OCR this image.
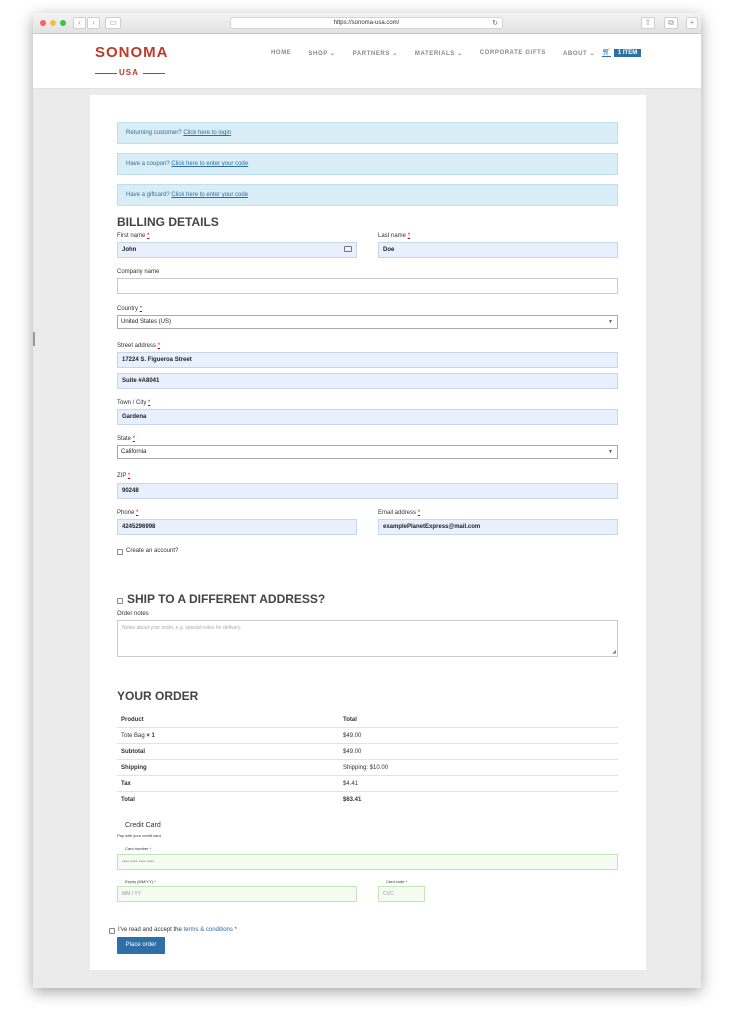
‹	›	▭	https://sonoma-usa.com/	↻	⇧	⧉	+
SONOMA
USA
HOME	SHOP ⌄	PARTNERS ⌄	MATERIALS ⌄	CORPORATE GIFTS	ABOUT ⌄ 🛒︎	1 ITEM
Returning customer? Click here to login
Have a coupon? Click here to enter your code
Have a giftcard? Click here to enter your code
BILLING DETAILS
First name *
John
Last name *
Doe
Company name
Country *
United States (US)	▼
Street address *
17224 S. Figueroa Street
Suite #A8041
Town / City *
Gardena
State *
California	▼
ZIP *
90248
Phone *
4245296998
Email address *
examplePlanetExpress@mail.com
Create an account?
SHIP TO A DIFFERENT ADDRESS?
Order notes
Notes about your order, e.g. special notes for delivery.
◢
YOUR ORDER
Product	Total
Tote Bag × 1	$49.00
Subtotal	$49.00
Shipping	Shipping: $10.00
Tax	$4.41
Total	$63.41
Credit Card
Pay with your credit card.
Card number *
•••• •••• •••• ••••
Expiry (MM/YY) *
MM / YY
Card code *
CVC
I've read and accept the terms & conditions *
Place order
